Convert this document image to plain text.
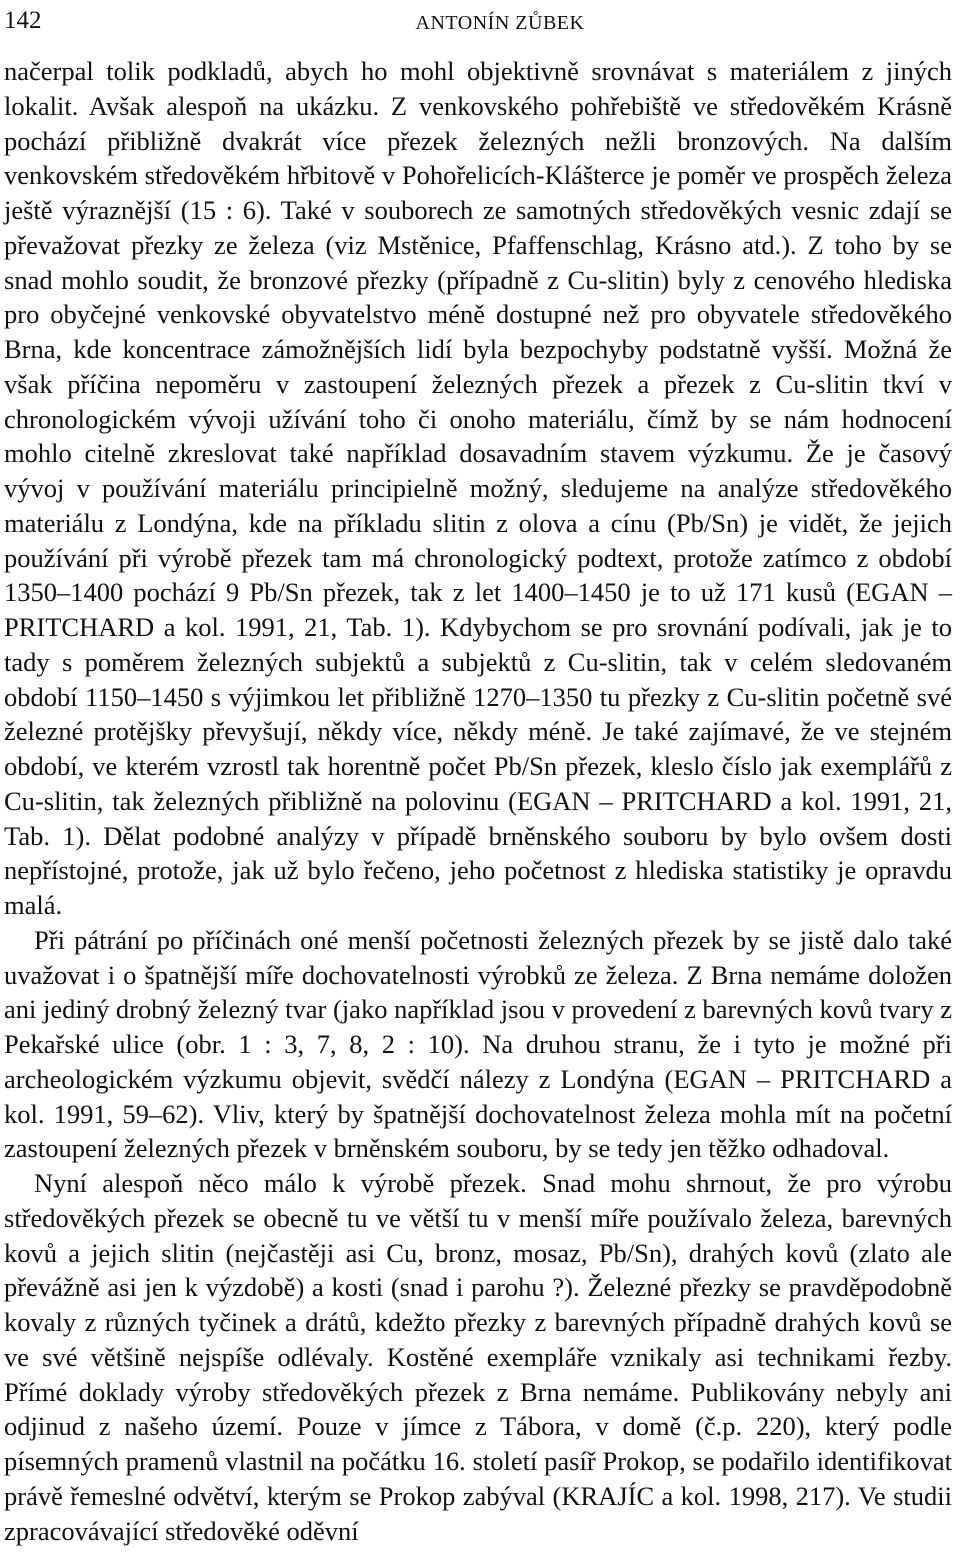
142	ANTONÍN ZŮBEK

načerpal tolik podkladů, abych ho mohl objektivně srovnávat s materiálem z jiných lokalit. Avšak alespoň na ukázku. Z venkovského pohřebiště ve středověkém Krásně pochází přibližně dvakrát více přezek železných nežli bronzových. Na dalším venkovském středověkém hřbitově v Pohořelicích-Klášterce je poměr ve prospěch železa ještě výraznější (15 : 6). Také v souborech ze samotných středověkých vesnic zdají se převažovat přezky ze železa (viz Mstěnice, Pfaffenschlag, Krásno atd.). Z toho by se snad mohlo soudit, že bronzové přezky (případně z Cu-slitin) byly z cenového hlediska pro obyčejné venkovské obyvatelstvo méně dostupné než pro obyvatele středověkého Brna, kde koncentrace zámožnějších lidí byla bezpochyby podstatně vyšší. Možná že však příčina nepoměru v zastoupení železných přezek a přezek z Cu-slitin tkví v chronologickém vývoji užívání toho či onoho materiálu, čímž by se nám hodnocení mohlo citelně zkreslovat také například dosavadním stavem výzkumu. Že je časový vývoj v používání materiálu principielně možný, sledujeme na analýze středověkého materiálu z Londýna, kde na příkladu slitin z olova a cínu (Pb/Sn) je vidět, že jejich používání při výrobě přezek tam má chronologický podtext, protože zatímco z období 1350–1400 pochází 9 Pb/Sn přezek, tak z let 1400–1450 je to už 171 kusů (EGAN – PRITCHARD a kol. 1991, 21, Tab. 1). Kdybychom se pro srovnání podívali, jak je to tady s poměrem železných subjektů a subjektů z Cu-slitin, tak v celém sledovaném období 1150–1450 s výjimkou let přibližně 1270–1350 tu přezky z Cu-slitin početně své železné protějšky převyšují, někdy více, někdy méně. Je také zajímavé, že ve stejném období, ve kterém vzrostl tak horentně počet Pb/Sn přezek, kleslo číslo jak exemplářů z Cu-slitin, tak železných přibližně na polovinu (EGAN – PRITCHARD a kol. 1991, 21, Tab. 1). Dělat podobné analýzy v případě brněnského souboru by bylo ovšem dosti nepřístojné, protože, jak už bylo řečeno, jeho početnost z hlediska statistiky je opravdu malá.

Při pátrání po příčinách oné menší početnosti železných přezek by se jistě dalo také uvažovat i o špatnější míře dochovatelnosti výrobků ze železa. Z Brna nemáme doložen ani jediný drobný železný tvar (jako například jsou v provedení z barevných kovů tvary z Pekařské ulice (obr. 1 : 3, 7, 8, 2 : 10). Na druhou stranu, že i tyto je možné při archeologickém výzkumu objevit, svědčí nálezy z Londýna (EGAN – PRITCHARD a kol. 1991, 59–62). Vliv, který by špatnější dochovatelnost železa mohla mít na početní zastoupení železných přezek v brněnském souboru, by se tedy jen těžko odhadoval.

Nyní alespoň něco málo k výrobě přezek. Snad mohu shrnout, že pro výrobu středověkých přezek se obecně tu ve větší tu v menší míře používalo železa, barevných kovů a jejich slitin (nejčastěji asi Cu, bronz, mosaz, Pb/Sn), drahých kovů (zlato ale převážně asi jen k výzdobě) a kosti (snad i parohu ?). Železné přezky se pravděpodobně kovaly z různých tyčinek a drátů, kdežto přezky z barevných případně drahých kovů se ve své většině nejspíše odlévaly. Kostěné exempláře vznikaly asi technikami řezby. Přímé doklady výroby středověkých přezek z Brna nemáme. Publikovány nebyly ani odjinud z našeho území. Pouze v jímce z Tábora, v domě (č.p. 220), který podle písemných pramenů vlastnil na počátku 16. století pasíř Prokop, se podařilo identifikovat právě řemeslné odvětví, kterým se Prokop zabýval (KRAJÍC a kol. 1998, 217). Ve studii zpracovávající středověké oděvní
